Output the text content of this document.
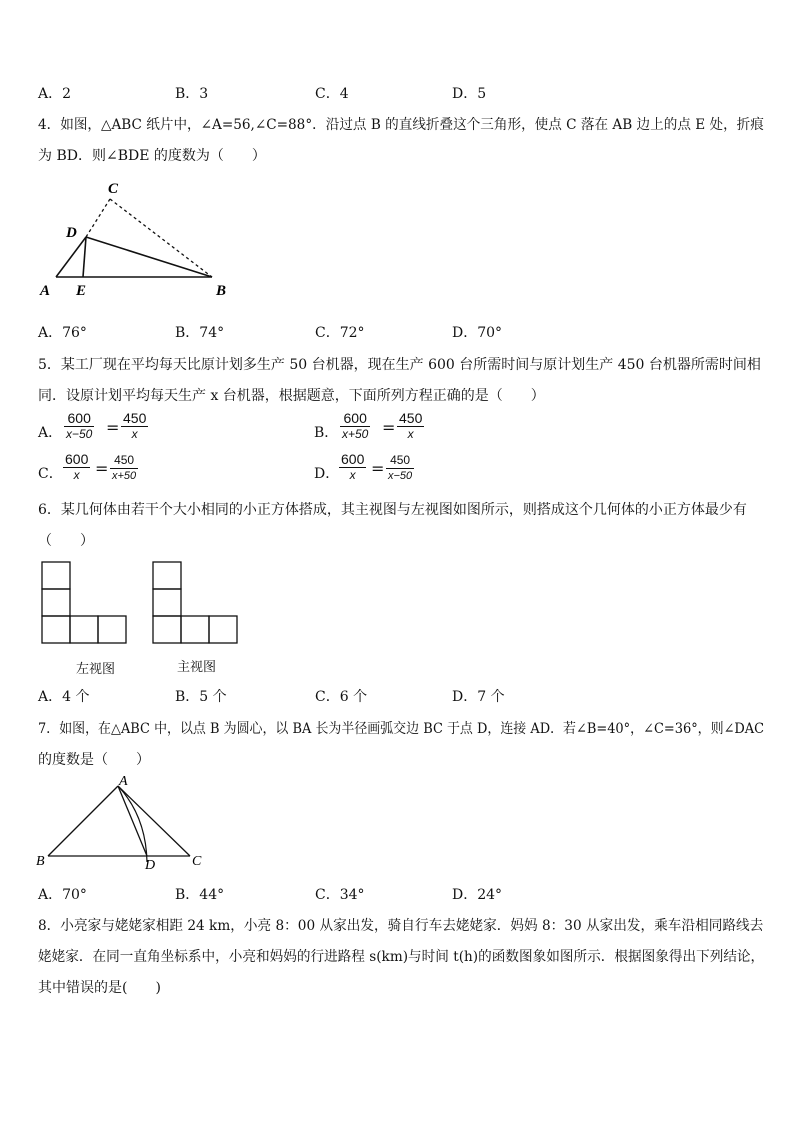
A．2	B．3	C．4	D．5
4．如图，△ABC 纸片中，∠A=56,∠C=88°．沿过点 B 的直线折叠这个三角形，使点 C 落在 AB 边上的点 E 处，折痕
为 BD．则∠BDE 的度数为（　　）
C
D
A E	B
A．76°	B．74°	C．72°	D．70°
5．某工厂现在平均每天比原计划多生产 50 台机器，现在生产 600 台所需时间与原计划生产 450 台机器所需时间相
同．设原计划平均每天生产 x 台机器，根据题意，下面所列方程正确的是（　　）
A． $\frac{600}{x-50} = \frac{450}{x}$	B． $\frac{600}{x+50} = \frac{450}{x}$
C． $\frac{600}{x} = \frac{450}{x+50}$	D． $\frac{600}{x} = \frac{450}{x-50}$
6．某几何体由若干个大小相同的小正方体搭成，其主视图与左视图如图所示，则搭成这个几何体的小正方体最少有
（　　）
左视图	主视图
A．4 个	B．5 个	C．6 个	D．7 个
7．如图，在△ABC 中，以点 B 为圆心，以 BA 长为半径画弧交边 BC 于点 D，连接 AD．若∠B=40°，∠C=36°，则∠DAC
的度数是（　　）
A
B	D	C
A．70°	B．44°	C．34°	D．24°
8．小亮家与姥姥家相距 24 km，小亮 8：00 从家出发，骑自行车去姥姥家．妈妈 8：30 从家出发，乘车沿相同路线去
姥姥家．在同一直角坐标系中，小亮和妈妈的行进路程 s(km)与时间 t(h)的函数图象如图所示．根据图象得出下列结论，
其中错误的是(　　)
